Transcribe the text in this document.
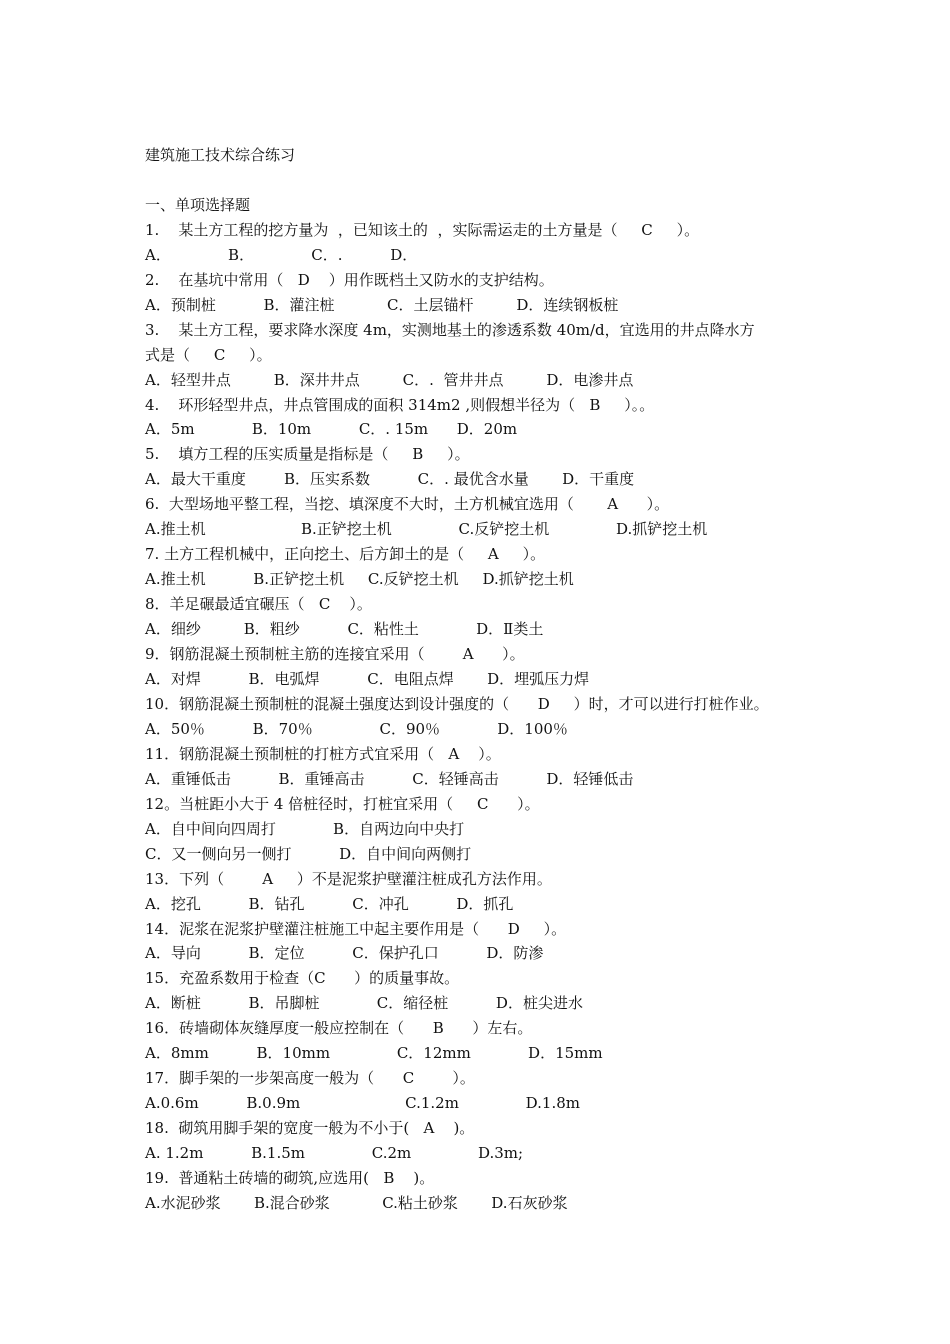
建筑施工技术综合练习
一、单项选择题
1.    某土方工程的挖方量为  ，已知该土的  ，实际需运走的土方量是（     C     ）。
A．            B．            C．.          D．
2.    在基坑中常用（   D    ）用作既档土又防水的支护结构。
A．预制桩          B．灌注桩           C．土层锚杆         D．连续钢板桩
3.    某土方工程，要求降水深度 4m，实测地基土的渗透系数 40m/d，宜选用的井点降水方
式是（     C     ）。
A．轻型井点         B．深井井点         C．.  管井井点         D．电渗井点
4.    环形轻型井点，井点管围成的面积 314m2 ,则假想半径为（   B     ）。。
A．5m            B．10m          C．. 15m      D．20m
5.    填方工程的压实质量是指标是（     B     ）。
A．最大干重度        B．压实系数          C．. 最优含水量       D．干重度
6.  大型场地平整工程，当挖、填深度不大时，土方机械宜选用（       A      ）。
A.推土机                    B.正铲挖土机              C.反铲挖土机              D.抓铲挖土机
7. 土方工程机械中，正向挖土、后方卸土的是（     A     ）。
A.推土机          B.正铲挖土机     C.反铲挖土机     D.抓铲挖土机
8．羊足碾最适宜碾压（   C    ）。
A．细纱         B．粗纱          C．粘性土            D．Ⅱ类土
9．钢筋混凝土预制桩主筋的连接宜采用（        A      ）。
A．对焊          B．电弧焊          C．电阻点焊       D．埋弧压力焊
10．钢筋混凝土预制桩的混凝土强度达到设计强度的（      D     ）时，才可以进行打桩作业。
A．50％          B．70％              C．90％            D．100％
11．钢筋混凝土预制桩的打桩方式宜采用（   A    ）。
A．重锤低击          B．重锤高击          C．轻锤高击          D．轻锤低击
12。当桩距小大于 4 倍桩径时，打桩宜采用（     C      ）。
A．自中间向四周打            B．自两边向中央打
C．又一侧向另一侧打          D．自中间向两侧打
13．下列（        A     ）不是泥浆护壁灌注桩成孔方法作用。
A．挖孔          B．钻孔          C．冲孔          D．抓孔
14．泥浆在泥浆护壁灌注桩施工中起主要作用是（      D     ）。
A．导向          B．定位          C．保护孔口          D．防渗
15．充盈系数用于检查（C      ）的质量事故。
A．断桩          B．吊脚桩            C．缩径桩          D．桩尖进水
16．砖墙砌体灰缝厚度一般应控制在（      B      ）左右。
A．8mm          B．10mm              C．12mm            D．15mm
17．脚手架的一步架高度一般为（      C        ）。
A.0.6m          B.0.9m                      C.1.2m              D.1.8m
18.  砌筑用脚手架的宽度一般为不小于(   A    )。
A. 1.2m          B.1.5m              C.2m              D.3m;
19.  普通粘土砖墙的砌筑,应选用(   B    )。
A.水泥砂浆       B.混合砂浆           C.粘土砂浆       D.石灰砂浆
